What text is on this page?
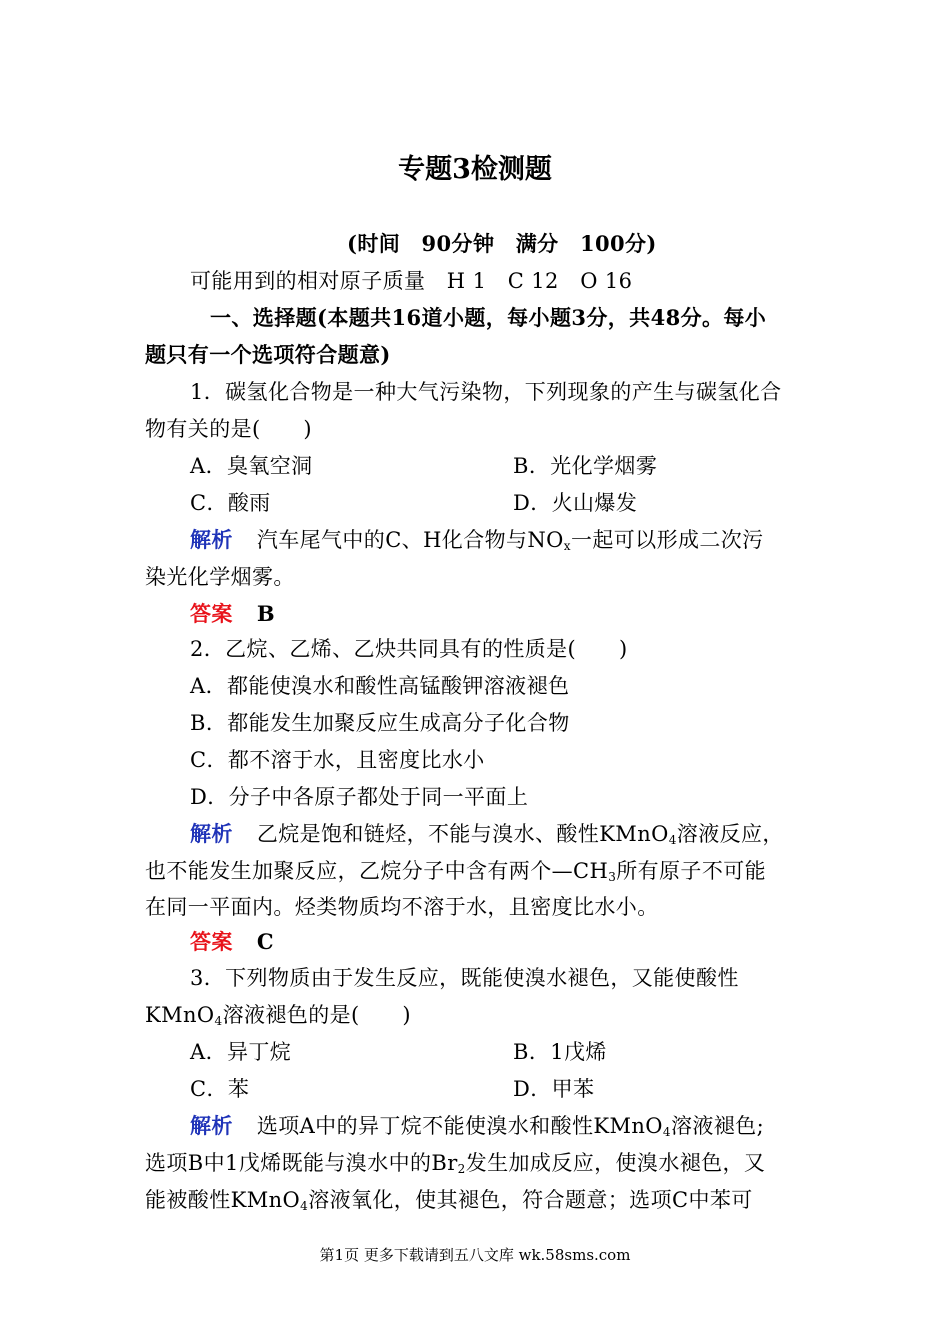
专题3检测题
(时间　90分钟　满分　100分)
可能用到的相对原子质量　H 1　C 12　O 16
一、选择题(本题共16道小题，每小题3分，共48分。每小
题只有一个选项符合题意)
1．碳氢化合物是一种大气污染物，下列现象的产生与碳氢化合
物有关的是(　　)
A．臭氧空洞	B．光化学烟雾
C．酸雨	D．火山爆发
解析 汽车尾气中的C、H化合物与$NO_x$一起可以形成二次污
染光化学烟雾。
答案 B
2．乙烷、乙烯、乙炔共同具有的性质是(　　)
A．都能使溴水和酸性高锰酸钾溶液褪色
B．都能发生加聚反应生成高分子化合物
C．都不溶于水，且密度比水小
D．分子中各原子都处于同一平面上
解析 乙烷是饱和链烃，不能与溴水、酸性KMnO$_4$溶液反应，
也不能发生加聚反应，乙烷分子中含有两个$—CH_3$所有原子不可能
在同一平面内。烃类物质均不溶于水，且密度比水小。
答案 C
3．下列物质由于发生反应，既能使溴水褪色，又能使酸性
KMnO$_4$溶液褪色的是(　　)
A．异丁烷	B．1戊烯
C．苯	D．甲苯
解析 选项A中的异丁烷不能使溴水和酸性KMnO$_4$溶液褪色;
选项B中1戊烯既能与溴水中的$Br_2$发生加成反应，使溴水褪色，又
能被酸性KMnO$_4$溶液氧化，使其褪色，符合题意；选项C中苯可
第1页 更多下载请到五八文库 wk.58sms.com
